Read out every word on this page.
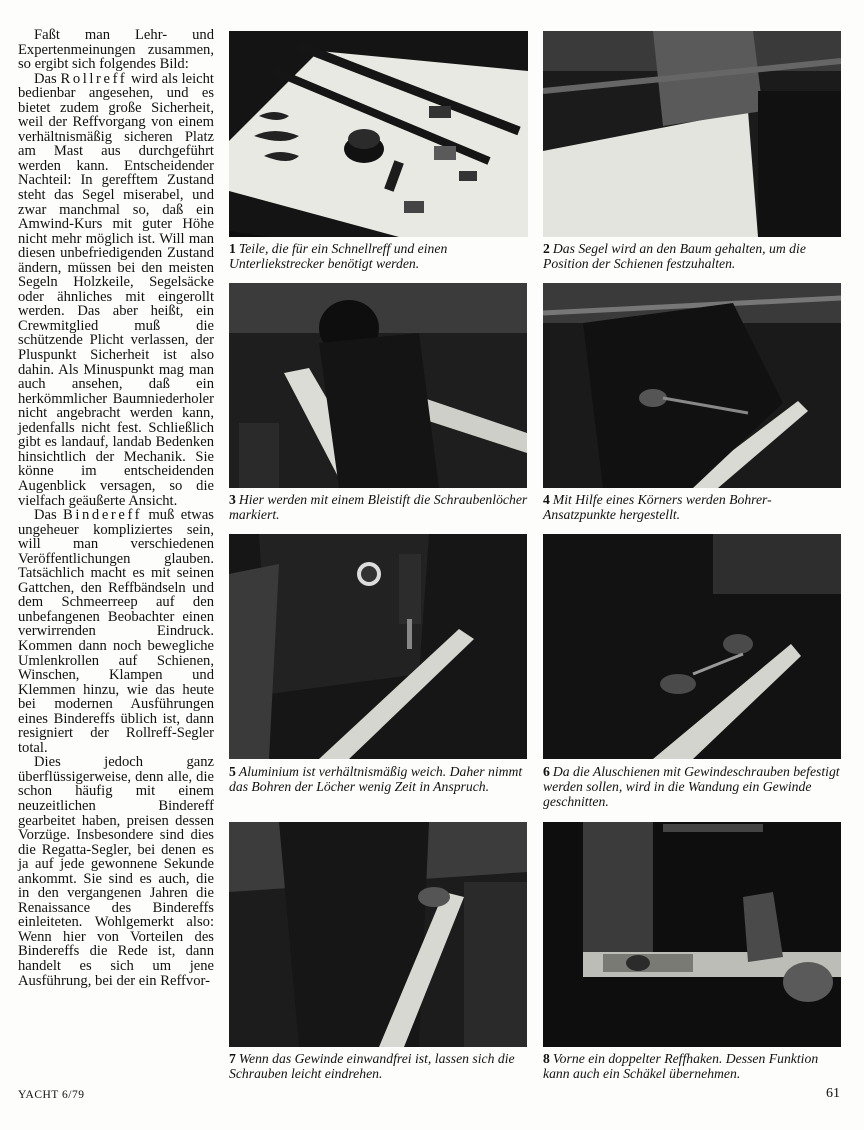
Faßt man Lehr- und Expertenmeinungen zusammen, so ergibt sich folgendes Bild:

Das Rollreff wird als leicht bedienbar angesehen, und es bietet zudem große Sicherheit, weil der Reffvorgang von einem verhältnismäßig sicheren Platz am Mast aus durchgeführt werden kann. Entscheidender Nachteil: In gerefftem Zustand steht das Segel miserabel, und zwar manchmal so, daß ein Amwind-Kurs mit guter Höhe nicht mehr möglich ist. Will man diesen unbefriedigenden Zustand ändern, müssen bei den meisten Segeln Holzkeile, Segelsäcke oder ähnliches mit eingerollt werden. Das aber heißt, ein Crewmitglied muß die schützende Plicht verlassen, der Pluspunkt Sicherheit ist also dahin. Als Minuspunkt mag man auch ansehen, daß ein herkömmlicher Baumniederholer nicht angebracht werden kann, jedenfalls nicht fest. Schließlich gibt es landauf, landab Bedenken hinsichtlich der Mechanik. Sie könne im entscheidenden Augenblick versagen, so die vielfach geäußerte Ansicht.

Das Bindereff muß etwas ungeheuer kompliziertes sein, will man verschiedenen Veröffentlichungen glauben. Tatsächlich macht es mit seinen Gattchen, den Reffbändseln und dem Schmeerreep auf den unbefangenen Beobachter einen verwirrenden Eindruck. Kommen dann noch bewegliche Umlenkrollen auf Schienen, Winschen, Klampen und Klemmen hinzu, wie das heute bei modernen Ausführungen eines Bindereffs üblich ist, dann resigniert der Rollreff-Segler total.

Dies jedoch ganz überflüssigerweise, denn alle, die schon häufig mit einem neuzeitlichen Bindereff gearbeitet haben, preisen dessen Vorzüge. Insbesondere sind dies die Regatta-Segler, bei denen es ja auf jede gewonnene Sekunde ankommt. Sie sind es auch, die in den vergangenen Jahren die Renaissance des Bindereffs einleiteten. Wohlgemerkt also: Wenn hier von Vorteilen des Bindereffs die Rede ist, dann handelt es sich um jene Ausführung, bei der ein Reffvor-

1 Teile, die für ein Schnellreff und einen Unterliekstrecker benötigt werden.
2 Das Segel wird an den Baum gehalten, um die Position der Schienen festzuhalten.
3 Hier werden mit einem Bleistift die Schraubenlöcher markiert.
4 Mit Hilfe eines Körners werden Bohrer-Ansatzpunkte hergestellt.
5 Aluminium ist verhältnismäßig weich. Daher nimmt das Bohren der Löcher wenig Zeit in Anspruch.
6 Da die Aluschienen mit Gewindeschrauben befestigt werden sollen, wird in die Wandung ein Gewinde geschnitten.
7 Wenn das Gewinde einwandfrei ist, lassen sich die Schrauben leicht eindrehen.
8 Vorne ein doppelter Reffhaken. Dessen Funktion kann auch ein Schäkel übernehmen.
YACHT 6/79	61
